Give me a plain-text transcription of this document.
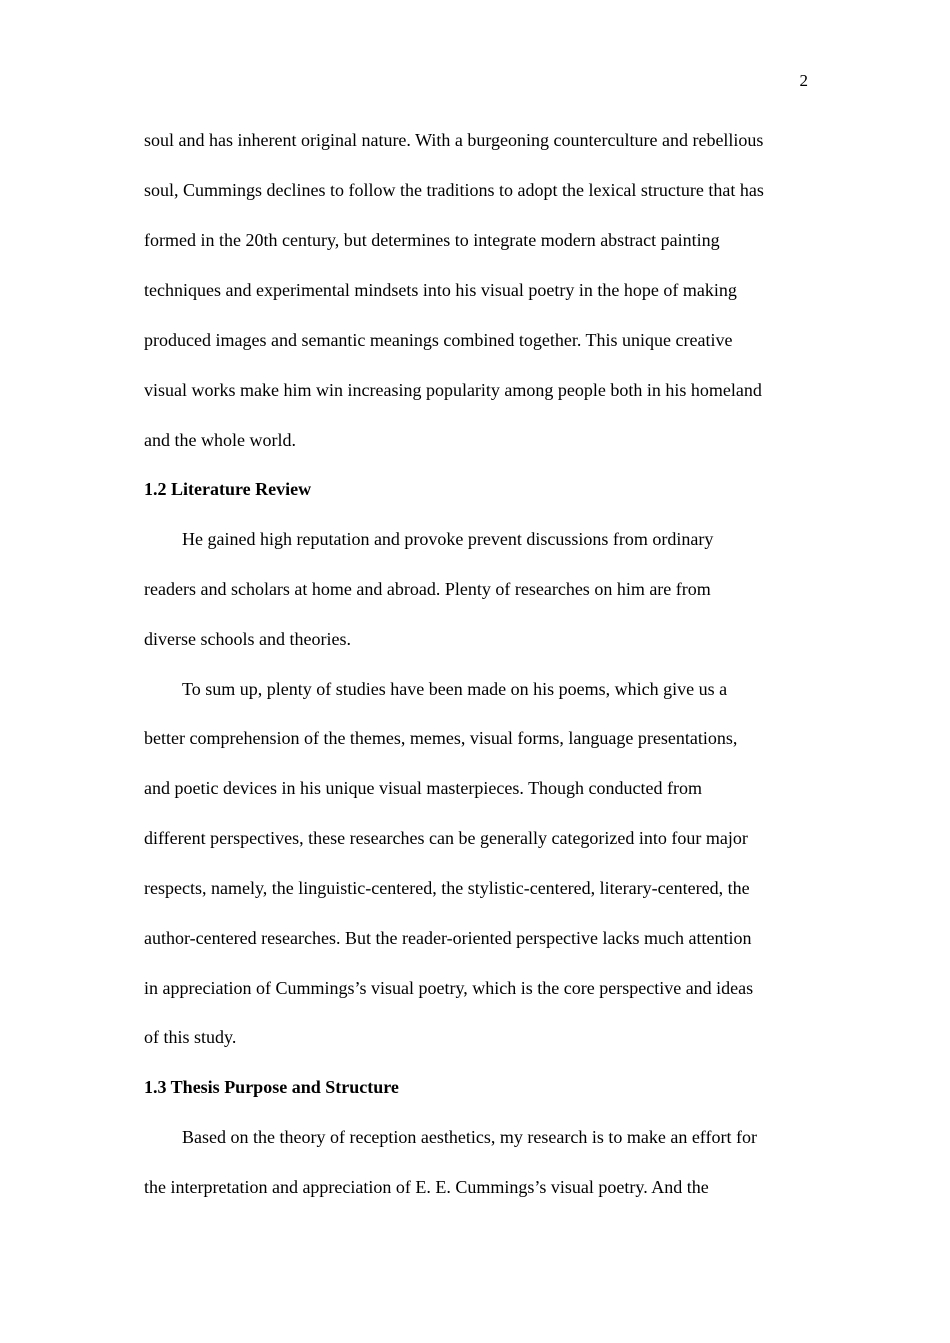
2
soul and has inherent original nature. With a burgeoning counterculture and rebellious
soul, Cummings declines to follow the traditions to adopt the lexical structure that has
formed in the 20th century, but determines to integrate modern abstract painting
techniques and experimental mindsets into his visual poetry in the hope of making
produced images and semantic meanings combined together. This unique creative
visual works make him win increasing popularity among people both in his homeland
and the whole world.
1.2 Literature Review
He gained high reputation and provoke prevent discussions from ordinary
readers and scholars at home and abroad. Plenty of researches on him are from
diverse schools and theories.
To sum up, plenty of studies have been made on his poems, which give us a
better comprehension of the themes, memes, visual forms, language presentations,
and poetic devices in his unique visual masterpieces. Though conducted from
different perspectives, these researches can be generally categorized into four major
respects, namely, the linguistic-centered, the stylistic-centered, literary-centered, the
author-centered researches. But the reader-oriented perspective lacks much attention
in appreciation of Cummings’s visual poetry, which is the core perspective and ideas
of this study.
1.3 Thesis Purpose and Structure
Based on the theory of reception aesthetics, my research is to make an effort for
the interpretation and appreciation of E. E. Cummings’s visual poetry. And the
